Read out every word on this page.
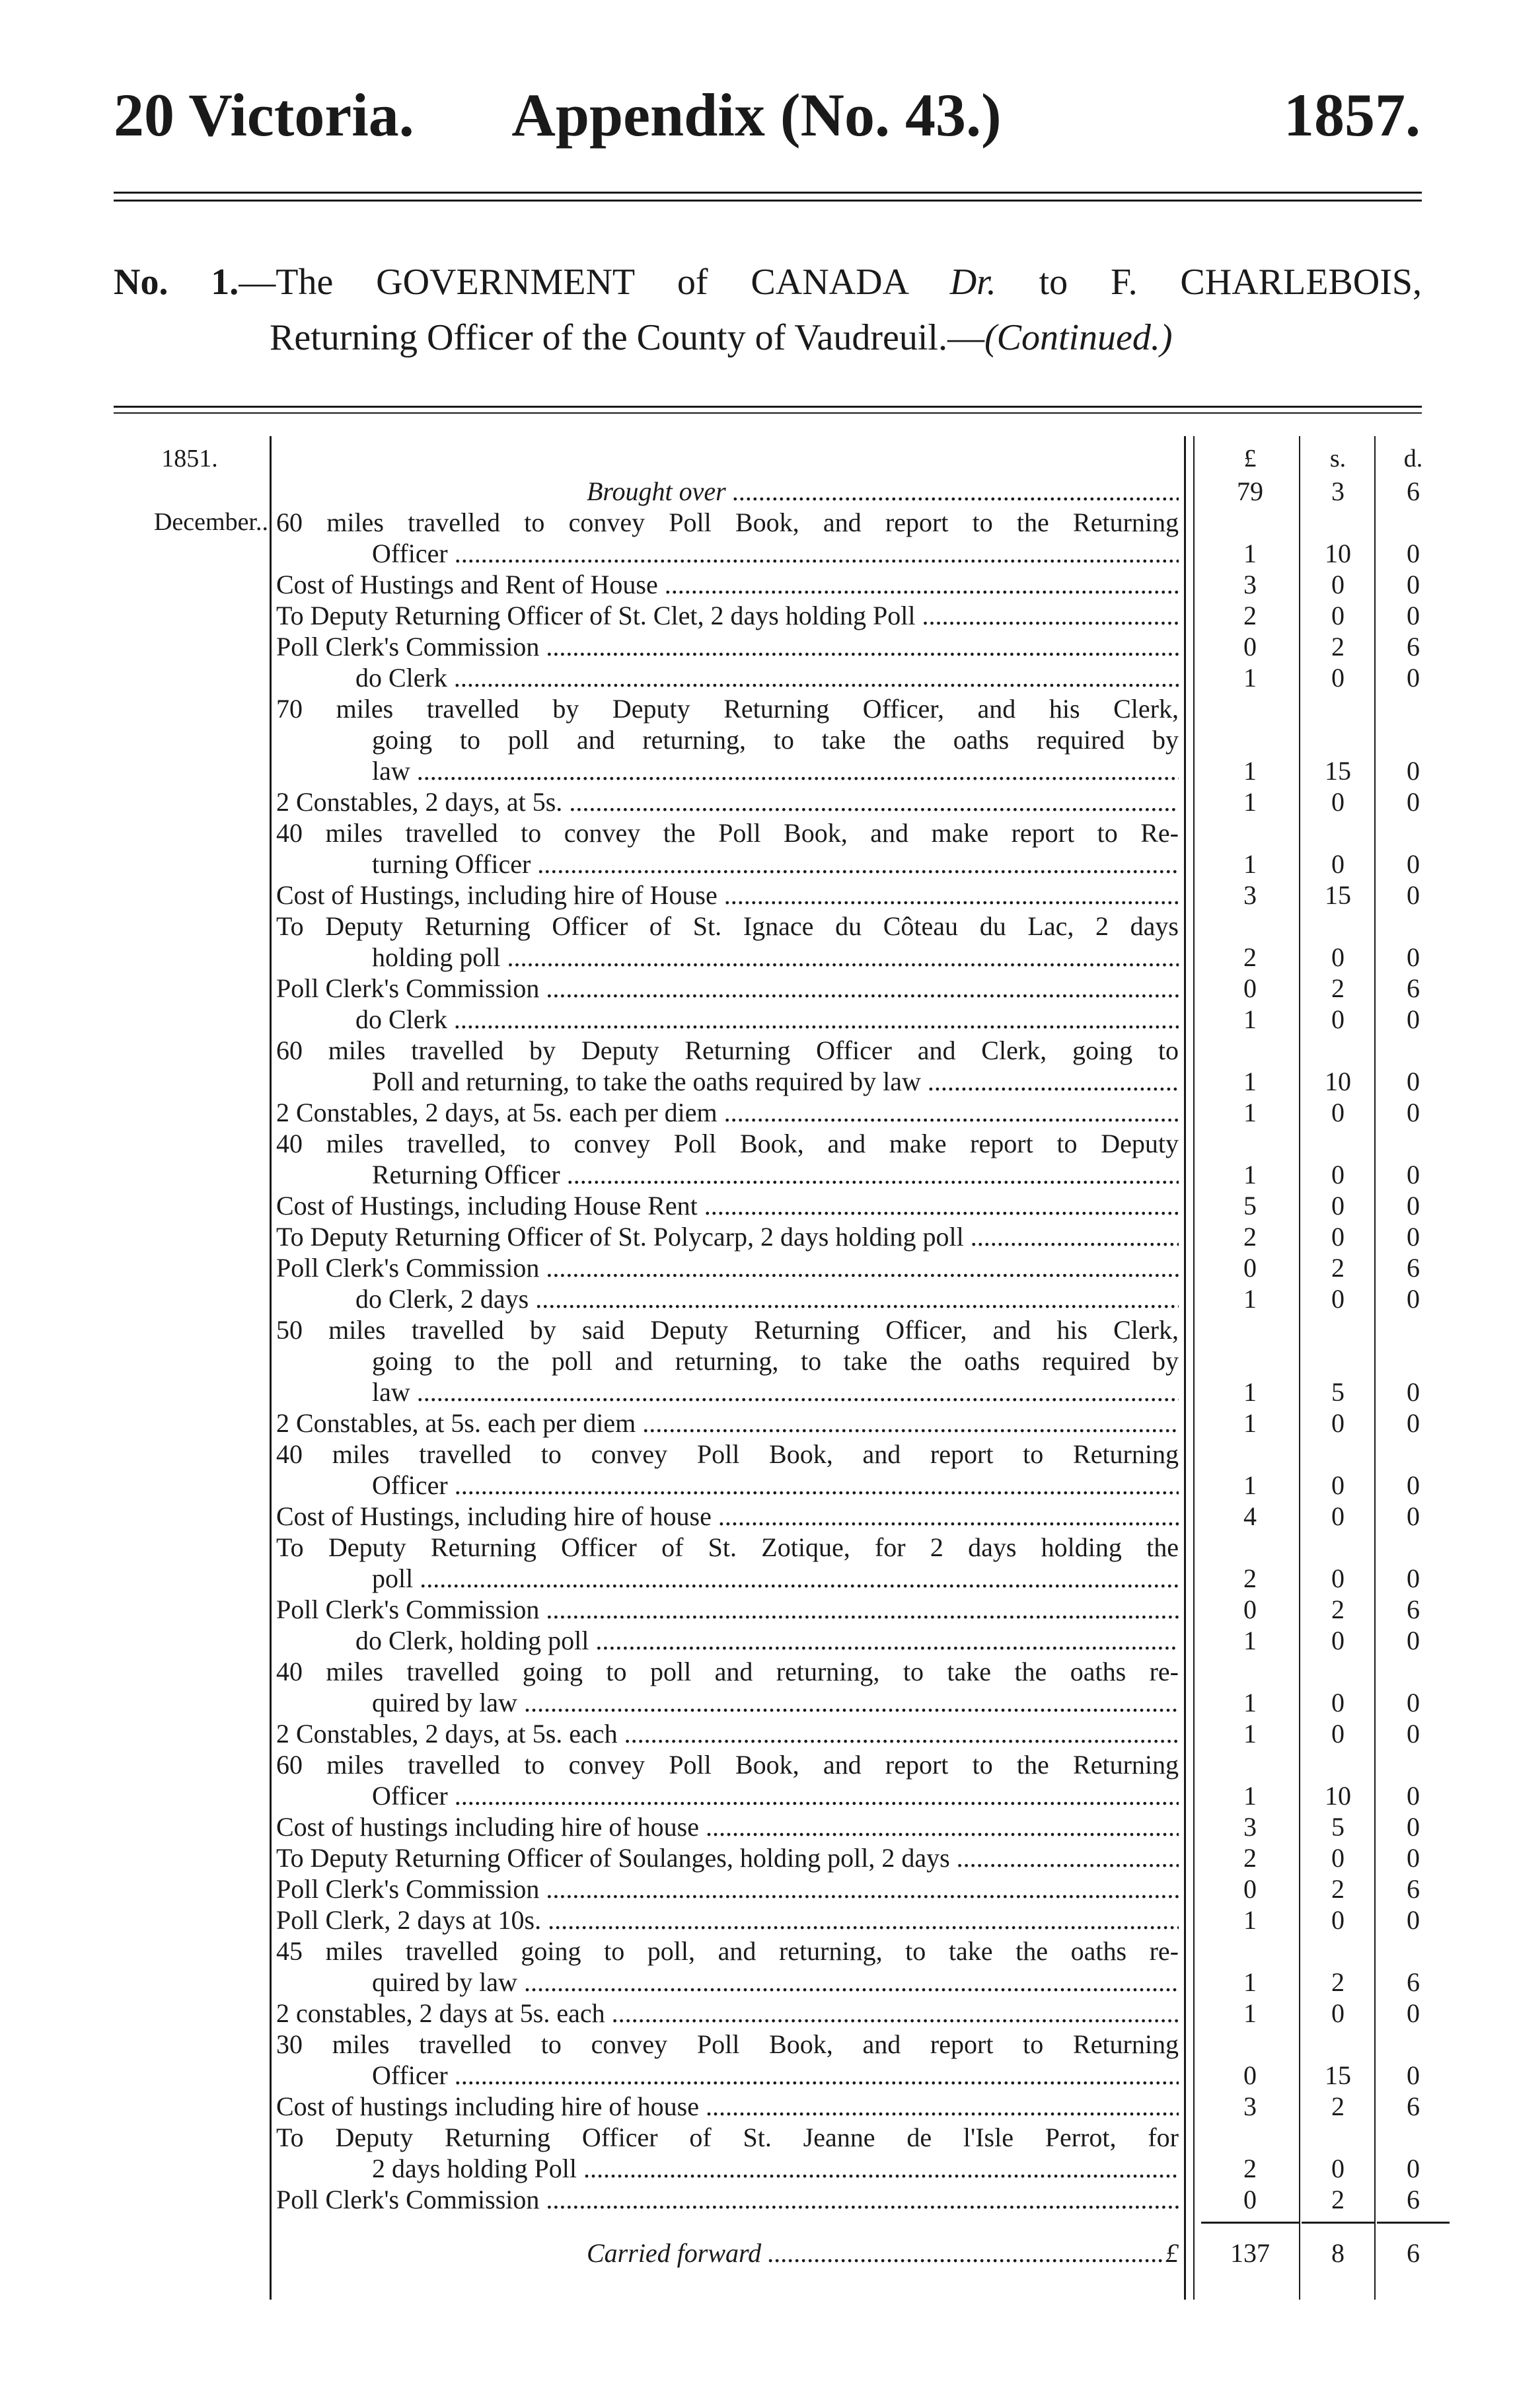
20 Victoria.	Appendix (No. 43.)	1857.
No. 1.—The GOVERNMENT of CANADA Dr. to F. CHARLEBOIS,
Returning Officer of the County of Vaudreuil.—(Continued.)
1851.
December..
£	s.	d.
Brought over .....	79	3	6
60 miles travelled to convey Poll Book, and report to the Returning
Officer .....	1	10	0
Cost of Hustings and Rent of House .....	3	0	0
To Deputy Returning Officer of St. Clet, 2 days holding Poll .....	2	0	0
Poll Clerk's Commission .....	0	2	6
do Clerk .....	1	0	0
70 miles travelled by Deputy Returning Officer, and his Clerk,
going to poll and returning, to take the oaths required by
law .....	1	15	0
2 Constables, 2 days, at 5s. .....	1	0	0
40 miles travelled to convey the Poll Book, and make report to Re-
turning Officer .....	1	0	0
Cost of Hustings, including hire of House .....	3	15	0
To Deputy Returning Officer of St. Ignace du Côteau du Lac, 2 days
holding poll .....	2	0	0
Poll Clerk's Commission .....	0	2	6
do Clerk .....	1	0	0
60 miles travelled by Deputy Returning Officer and Clerk, going to
Poll and returning, to take the oaths required by law .....	1	10	0
2 Constables, 2 days, at 5s. each per diem .....	1	0	0
40 miles travelled, to convey Poll Book, and make report to Deputy
Returning Officer .....	1	0	0
Cost of Hustings, including House Rent .....	5	0	0
To Deputy Returning Officer of St. Polycarp, 2 days holding poll .....	2	0	0
Poll Clerk's Commission .....	0	2	6
do Clerk, 2 days .....	1	0	0
50 miles travelled by said Deputy Returning Officer, and his Clerk,
going to the poll and returning, to take the oaths required by
law .....	1	5	0
2 Constables, at 5s. each per diem .....	1	0	0
40 miles travelled to convey Poll Book, and report to Returning
Officer .....	1	0	0
Cost of Hustings, including hire of house .....	4	0	0
To Deputy Returning Officer of St. Zotique, for 2 days holding the
poll .....	2	0	0
Poll Clerk's Commission .....	0	2	6
do Clerk, holding poll .....	1	0	0
40 miles travelled going to poll and returning, to take the oaths re-
quired by law .....	1	0	0
2 Constables, 2 days, at 5s. each .....	1	0	0
60 miles travelled to convey Poll Book, and report to the Returning
Officer .....	1	10	0
Cost of hustings including hire of house .....	3	5	0
To Deputy Returning Officer of Soulanges, holding poll, 2 days .....	2	0	0
Poll Clerk's Commission .....	0	2	6
Poll Clerk, 2 days at 10s. .....	1	0	0
45 miles travelled going to poll, and returning, to take the oaths re-
quired by law .....	1	2	6
2 constables, 2 days at 5s. each .....	1	0	0
30 miles travelled to convey Poll Book, and report to Returning
Officer .....	0	15	0
Cost of hustings including hire of house .....	3	2	6
To Deputy Returning Officer of St. Jeanne de l'Isle Perrot, for
2 days holding Poll .....	2	0	0
Poll Clerk's Commission .....	0	2	6
Carried forward .....	£	137	8	6
